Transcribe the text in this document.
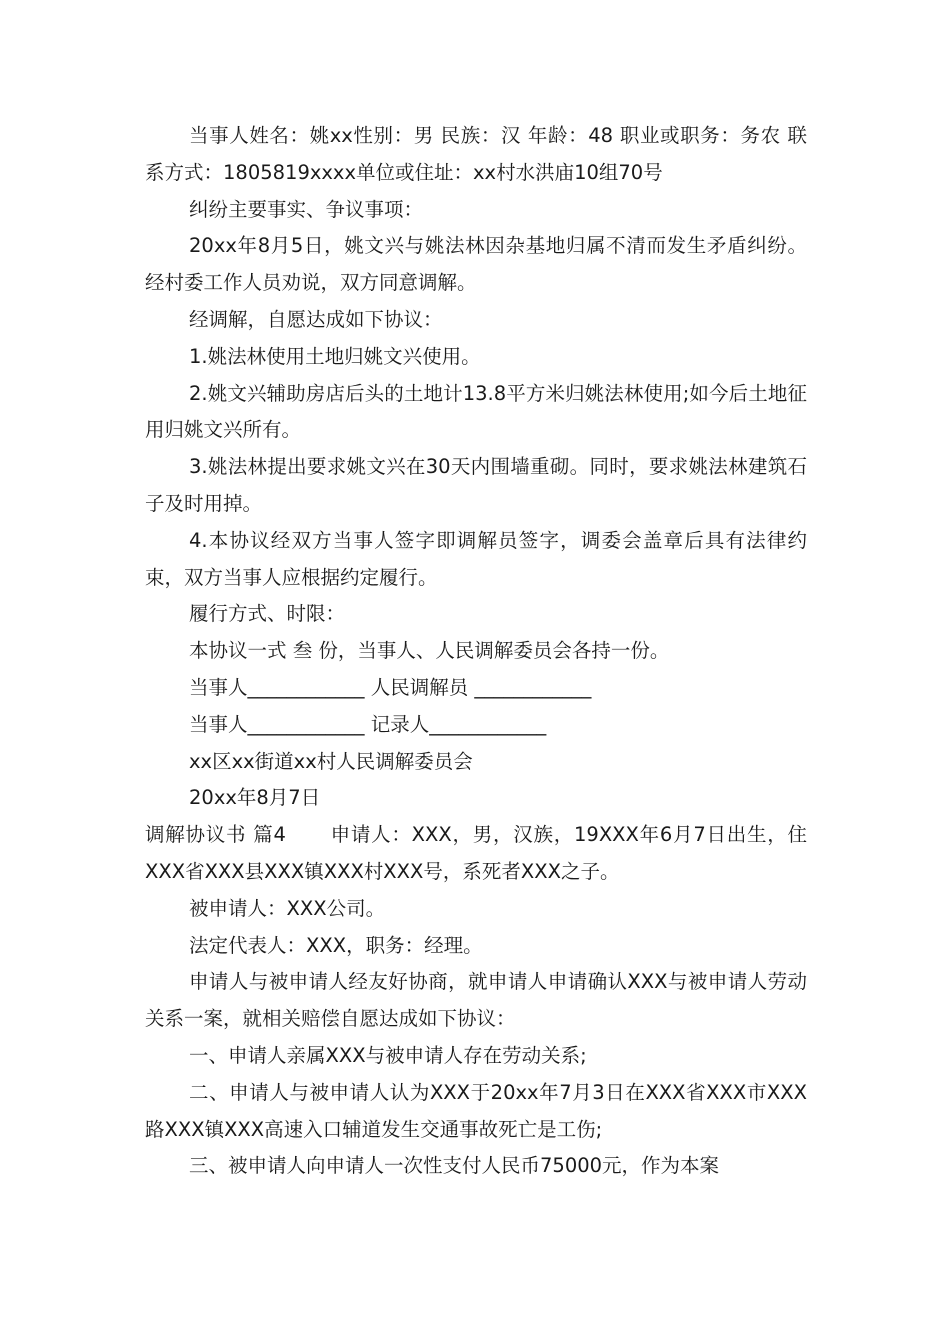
当事人姓名：姚xx性别：男 民族：汉 年龄：48 职业或职务：务农 联系方式：1805819xxxx单位或住址：xx村水洪庙10组70号

纠纷主要事实、争议事项：

20xx年8月5日，姚文兴与姚法林因杂基地归属不清而发生矛盾纠纷。经村委工作人员劝说，双方同意调解。

经调解，自愿达成如下协议：

1.姚法林使用土地归姚文兴使用。

2.姚文兴辅助房店后头的土地计13.8平方米归姚法林使用;如今后土地征用归姚文兴所有。

3.姚法林提出要求姚文兴在30天内围墙重砌。同时，要求姚法林建筑石子及时用掉。

4.本协议经双方当事人签字即调解员签字，调委会盖章后具有法律约束，双方当事人应根据约定履行。

履行方式、时限：

本协议一式 叁 份，当事人、人民调解委员会各持一份。

当事人____________ 人民调解员 ____________

当事人____________ 记录人____________

xx区xx街道xx村人民调解委员会

20xx年8月7日

调解协议书 篇4 申请人：XXX，男，汉族，19XXX年6月7日出生，住XXX省XXX县XXX镇XXX村XXX号，系死者XXX之子。

被申请人：XXX公司。

法定代表人：XXX，职务：经理。

申请人与被申请人经友好协商，就申请人申请确认XXX与被申请人劳动关系一案，就相关赔偿自愿达成如下协议：

一、申请人亲属XXX与被申请人存在劳动关系;

二、申请人与被申请人认为XXX于20xx年7月3日在XXX省XXX市XXX路XXX镇XXX高速入口辅道发生交通事故死亡是工伤;

三、被申请人向申请人一次性支付人民币75000元，作为本案
